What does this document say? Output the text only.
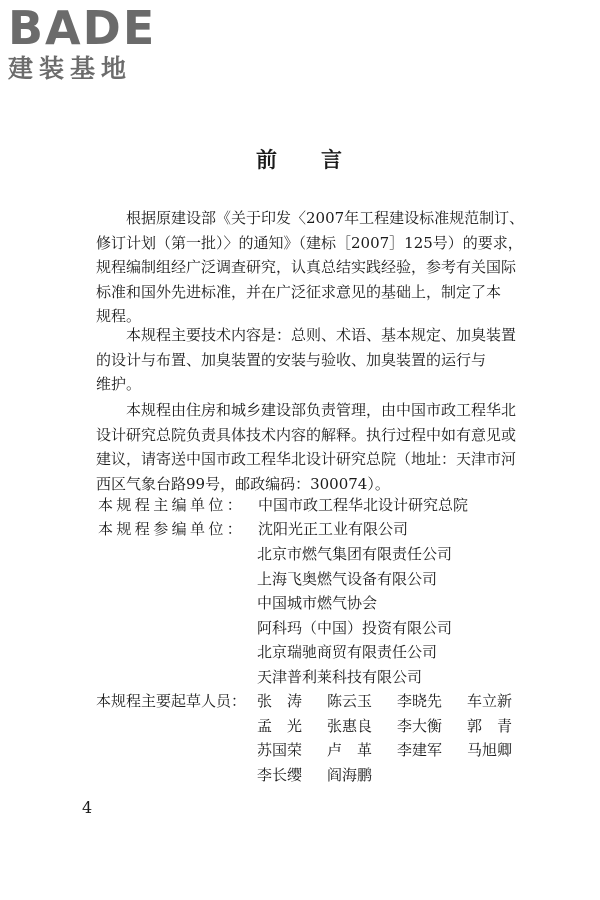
BADE
建装基地
前 言
根据原建设部《关于印发〈2007年工程建设标准规范制订、
修订计划（第一批）〉的通知》（建标［2007］125号）的要求，
规程编制组经广泛调查研究，认真总结实践经验，参考有关国际
标准和国外先进标准，并在广泛征求意见的基础上，制定了本
规程。
本规程主要技术内容是：总则、术语、基本规定、加臭装置
的设计与布置、加臭装置的安装与验收、加臭装置的运行与
维护。
本规程由住房和城乡建设部负责管理，由中国市政工程华北
设计研究总院负责具体技术内容的解释。执行过程中如有意见或
建议，请寄送中国市政工程华北设计研究总院（地址：天津市河
西区气象台路99号，邮政编码：300074）。
本规程主编单位： 中国市政工程华北设计研究总院
本规程参编单位： 沈阳光正工业有限公司
北京市燃气集团有限责任公司
上海飞奥燃气设备有限公司
中国城市燃气协会
阿科玛（中国）投资有限公司
北京瑞驰商贸有限责任公司
天津普利莱科技有限公司
本规程主要起草人员： 张　涛 陈云玉 李晓先 车立新孟　光 张惠良 李大衡 郭　青苏国荣 卢　革 李建军 马旭卿李长缨 阎海鹏
4
